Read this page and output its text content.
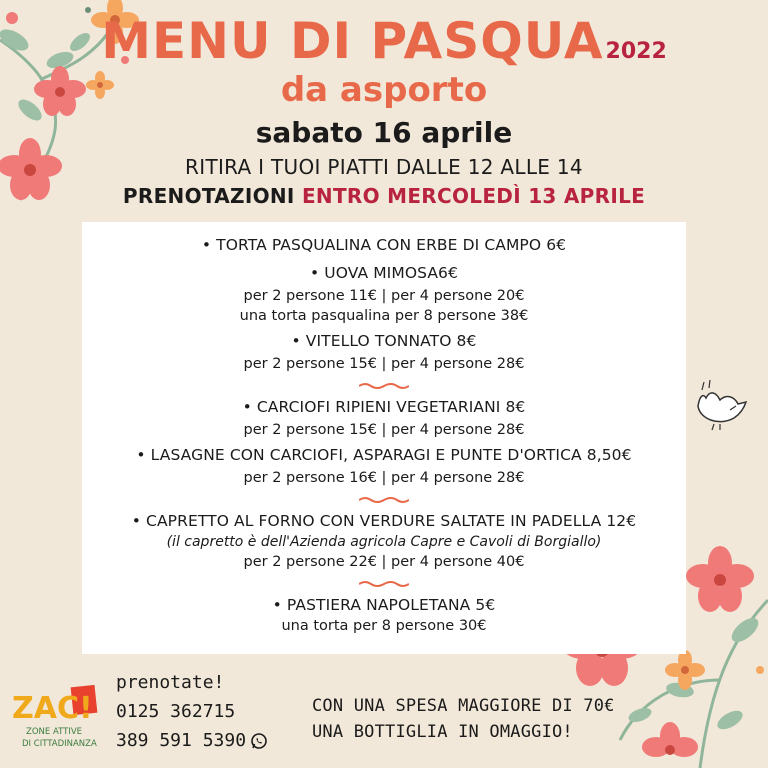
MENU DI PASQUA2022
da asporto
sabato 16 aprile
RITIRA I TUOI PIATTI DALLE 12 ALLE 14
PRENOTAZIONI ENTRO MERCOLEDÌ 13 APRILE
• TORTA PASQUALINA CON ERBE DI CAMPO 6€
• UOVA MIMOSA6€
per 2 persone 11€ | per 4 persone 20€
una torta pasqualina per 8 persone 38€
• VITELLO TONNATO 8€
per 2 persone 15€ | per 4 persone 28€
• CARCIOFI RIPIENI VEGETARIANI 8€
per 2 persone 15€ | per 4 persone 28€
• LASAGNE CON CARCIOFI, ASPARAGI E PUNTE D'ORTICA 8,50€
per 2 persone 16€ | per 4 persone 28€
• CAPRETTO AL FORNO CON VERDURE SALTATE IN PADELLA 12€
(il capretto è dell'Azienda agricola Capre e Cavoli di Borgiallo)
per 2 persone 22€ | per 4 persone 40€
• PASTIERA NAPOLETANA 5€
una torta per 8 persone 30€
ZAC!
ZONE ATTIVE
DI CITTADINANZA
prenotate!
0125 362715
389 591 5390
CON UNA SPESA MAGGIORE DI 70€
UNA BOTTIGLIA IN OMAGGIO!
